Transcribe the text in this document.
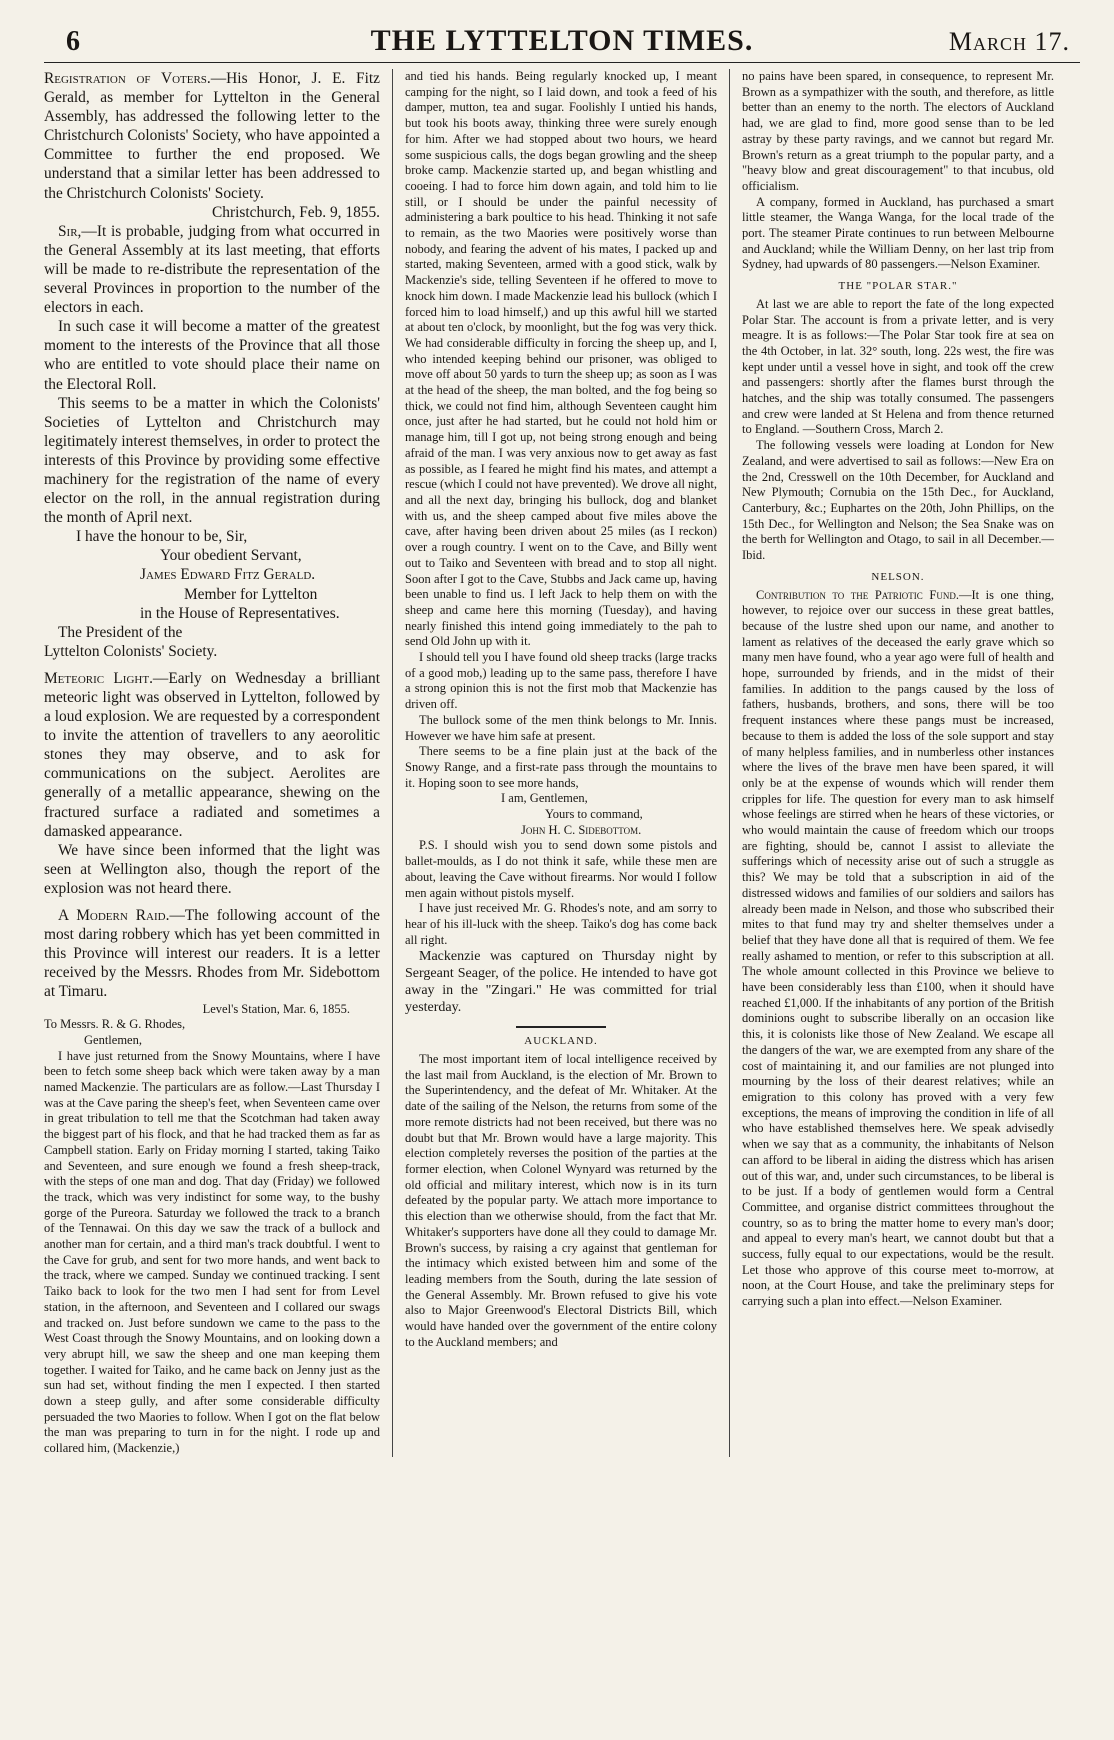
6	THE LYTTELTON TIMES.	March 17.

Registration of Voters.—His Honor, J. E. Fitz Gerald, as member for Lyttelton in the General Assembly, has addressed the following letter to the Christchurch Colonists' Society, who have appointed a Committee to further the end proposed. We understand that a similar letter has been addressed to the Christchurch Colonists' Society.

Christchurch, Feb. 9, 1855.

Sir,—It is probable, judging from what occurred in the General Assembly at its last meeting, that efforts will be made to re-distribute the representation of the several Provinces in proportion to the number of the electors in each.

In such case it will become a matter of the greatest moment to the interests of the Province that all those who are entitled to vote should place their name on the Electoral Roll.

This seems to be a matter in which the Colonists' Societies of Lyttelton and Christchurch may legitimately interest themselves, in order to protect the interests of this Province by providing some effective machinery for the registration of the name of every elector on the roll, in the annual registration during the month of April next.

I have the honour to be, Sir,

Your obedient Servant,

James Edward Fitz Gerald.

Member for Lyttelton

in the House of Representatives.

The President of the

Lyttelton Colonists' Society.

Meteoric Light.—Early on Wednesday a brilliant meteoric light was observed in Lyttelton, followed by a loud explosion. We are requested by a correspondent to invite the attention of travellers to any aeorolitic stones they may observe, and to ask for communications on the subject. Aerolites are generally of a metallic appearance, shewing on the fractured surface a radiated and sometimes a damasked appearance.

We have since been informed that the light was seen at Wellington also, though the report of the explosion was not heard there.

A Modern Raid.—The following account of the most daring robbery which has yet been committed in this Province will interest our readers. It is a letter received by the Messrs. Rhodes from Mr. Sidebottom at Timaru.

Level's Station, Mar. 6, 1855.

To Messrs. R. & G. Rhodes,

Gentlemen,

I have just returned from the Snowy Mountains, where I have been to fetch some sheep back which were taken away by a man named Mackenzie. The particulars are as follow.—Last Thursday I was at the Cave paring the sheep's feet, when Seventeen came over in great tribulation to tell me that the Scotchman had taken away the biggest part of his flock, and that he had tracked them as far as Campbell station. Early on Friday morning I started, taking Taiko and Seventeen, and sure enough we found a fresh sheep-track, with the steps of one man and dog. That day (Friday) we followed the track, which was very indistinct for some way, to the bushy gorge of the Pureora. Saturday we followed the track to a branch of the Tennawai. On this day we saw the track of a bullock and another man for certain, and a third man's track doubtful. I went to the Cave for grub, and sent for two more hands, and went back to the track, where we camped. Sunday we continued tracking. I sent Taiko back to look for the two men I had sent for from Level station, in the afternoon, and Seventeen and I collared our swags and tracked on. Just before sundown we came to the pass to the West Coast through the Snowy Mountains, and on looking down a very abrupt hill, we saw the sheep and one man keeping them together. I waited for Taiko, and he came back on Jenny just as the sun had set, without finding the men I expected. I then started down a steep gully, and after some considerable difficulty persuaded the two Maories to follow. When I got on the flat below the man was preparing to turn in for the night. I rode up and collared him, (Mackenzie,)

and tied his hands. Being regularly knocked up, I meant camping for the night, so I laid down, and took a feed of his damper, mutton, tea and sugar. Foolishly I untied his hands, but took his boots away, thinking three were surely enough for him. After we had stopped about two hours, we heard some suspicious calls, the dogs began growling and the sheep broke camp. Mackenzie started up, and began whistling and cooeing. I had to force him down again, and told him to lie still, or I should be under the painful necessity of administering a bark poultice to his head. Thinking it not safe to remain, as the two Maories were positively worse than nobody, and fearing the advent of his mates, I packed up and started, making Seventeen, armed with a good stick, walk by Mackenzie's side, telling Seventeen if he offered to move to knock him down. I made Mackenzie lead his bullock (which I forced him to load himself,) and up this awful hill we started at about ten o'clock, by moonlight, but the fog was very thick. We had considerable difficulty in forcing the sheep up, and I, who intended keeping behind our prisoner, was obliged to move off about 50 yards to turn the sheep up; as soon as I was at the head of the sheep, the man bolted, and the fog being so thick, we could not find him, although Seventeen caught him once, just after he had started, but he could not hold him or manage him, till I got up, not being strong enough and being afraid of the man. I was very anxious now to get away as fast as possible, as I feared he might find his mates, and attempt a rescue (which I could not have prevented). We drove all night, and all the next day, bringing his bullock, dog and blanket with us, and the sheep camped about five miles above the cave, after having been driven about 25 miles (as I reckon) over a rough country. I went on to the Cave, and Billy went out to Taiko and Seventeen with bread and to stop all night. Soon after I got to the Cave, Stubbs and Jack came up, having been unable to find us. I left Jack to help them on with the sheep and came here this morning (Tuesday), and having nearly finished this intend going immediately to the pah to send Old John up with it.

I should tell you I have found old sheep tracks (large tracks of a good mob,) leading up to the same pass, therefore I have a strong opinion this is not the first mob that Mackenzie has driven off.

The bullock some of the men think belongs to Mr. Innis. However we have him safe at present.

There seems to be a fine plain just at the back of the Snowy Range, and a first-rate pass through the mountains to it. Hoping soon to see more hands,

I am, Gentlemen,

Yours to command,

John H. C. Sidebottom.

P.S. I should wish you to send down some pistols and ballet-moulds, as I do not think it safe, while these men are about, leaving the Cave without firearms. Nor would I follow men again without pistols myself.

I have just received Mr. G. Rhodes's note, and am sorry to hear of his ill-luck with the sheep. Taiko's dog has come back all right.

Mackenzie was captured on Thursday night by Sergeant Seager, of the police. He intended to have got away in the "Zingari." He was committed for trial yesterday.

AUCKLAND.

The most important item of local intelligence received by the last mail from Auckland, is the election of Mr. Brown to the Superintendency, and the defeat of Mr. Whitaker. At the date of the sailing of the Nelson, the returns from some of the more remote districts had not been received, but there was no doubt but that Mr. Brown would have a large majority. This election completely reverses the position of the parties at the former election, when Colonel Wynyard was returned by the old official and military interest, which now is in its turn defeated by the popular party. We attach more importance to this election than we otherwise should, from the fact that Mr. Whitaker's supporters have done all they could to damage Mr. Brown's success, by raising a cry against that gentleman for the intimacy which existed between him and some of the leading members from the South, during the late session of the General Assembly. Mr. Brown refused to give his vote also to Major Greenwood's Electoral Districts Bill, which would have handed over the government of the entire colony to the Auckland members; and

no pains have been spared, in consequence, to represent Mr. Brown as a sympathizer with the south, and therefore, as little better than an enemy to the north. The electors of Auckland had, we are glad to find, more good sense than to be led astray by these party ravings, and we cannot but regard Mr. Brown's return as a great triumph to the popular party, and a "heavy blow and great discouragement" to that incubus, old officialism.

A company, formed in Auckland, has purchased a smart little steamer, the Wanga Wanga, for the local trade of the port. The steamer Pirate continues to run between Melbourne and Auckland; while the William Denny, on her last trip from Sydney, had upwards of 80 passengers.—Nelson Examiner.

THE "POLAR STAR."

At last we are able to report the fate of the long expected Polar Star. The account is from a private letter, and is very meagre. It is as follows:—The Polar Star took fire at sea on the 4th October, in lat. 32° south, long. 22s west, the fire was kept under until a vessel hove in sight, and took off the crew and passengers: shortly after the flames burst through the hatches, and the ship was totally consumed. The passengers and crew were landed at St Helena and from thence returned to England. —Southern Cross, March 2.

The following vessels were loading at London for New Zealand, and were advertised to sail as follows:—New Era on the 2nd, Cresswell on the 10th December, for Auckland and New Plymouth; Cornubia on the 15th Dec., for Auckland, Canterbury, &c.; Euphartes on the 20th, John Phillips, on the 15th Dec., for Wellington and Nelson; the Sea Snake was on the berth for Wellington and Otago, to sail in all December.—Ibid.

NELSON.

Contribution to the Patriotic Fund.—It is one thing, however, to rejoice over our success in these great battles, because of the lustre shed upon our name, and another to lament as relatives of the deceased the early grave which so many men have found, who a year ago were full of health and hope, surrounded by friends, and in the midst of their families. In addition to the pangs caused by the loss of fathers, husbands, brothers, and sons, there will be too frequent instances where these pangs must be increased, because to them is added the loss of the sole support and stay of many helpless families, and in numberless other instances where the lives of the brave men have been spared, it will only be at the expense of wounds which will render them cripples for life. The question for every man to ask himself whose feelings are stirred when he hears of these victories, or who would maintain the cause of freedom which our troops are fighting, should be, cannot I assist to alleviate the sufferings which of necessity arise out of such a struggle as this? We may be told that a subscription in aid of the distressed widows and families of our soldiers and sailors has already been made in Nelson, and those who subscribed their mites to that fund may try and shelter themselves under a belief that they have done all that is required of them. We fee really ashamed to mention, or refer to this subscription at all. The whole amount collected in this Province we believe to have been considerably less than £100, when it should have reached £1,000. If the inhabitants of any portion of the British dominions ought to subscribe liberally on an occasion like this, it is colonists like those of New Zealand. We escape all the dangers of the war, we are exempted from any share of the cost of maintaining it, and our families are not plunged into mourning by the loss of their dearest relatives; while an emigration to this colony has proved with a very few exceptions, the means of improving the condition in life of all who have established themselves here. We speak advisedly when we say that as a community, the inhabitants of Nelson can afford to be liberal in aiding the distress which has arisen out of this war, and, under such circumstances, to be liberal is to be just. If a body of gentlemen would form a Central Committee, and organise district committees throughout the country, so as to bring the matter home to every man's door; and appeal to every man's heart, we cannot doubt but that a success, fully equal to our expectations, would be the result. Let those who approve of this course meet to-morrow, at noon, at the Court House, and take the preliminary steps for carrying such a plan into effect.—Nelson Examiner.
